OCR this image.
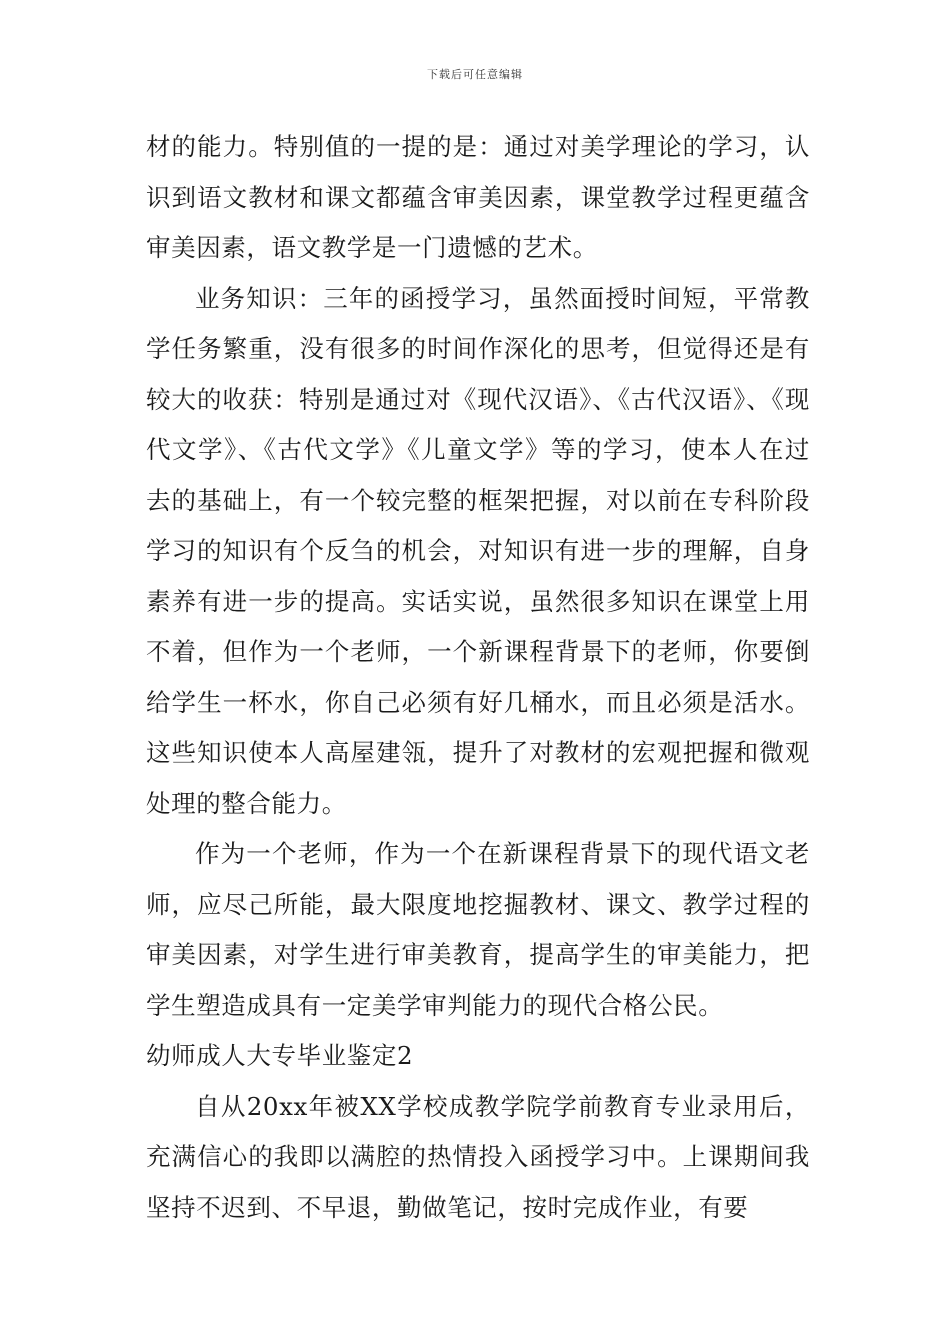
下载后可任意编辑

材的能力。特别值的一提的是：通过对美学理论的学习，认识到语文教材和课文都蕴含审美因素，课堂教学过程更蕴含审美因素，语文教学是一门遗憾的艺术。

业务知识：三年的函授学习，虽然面授时间短，平常教学任务繁重，没有很多的时间作深化的思考，但觉得还是有较大的收获：特别是通过对《现代汉语》、《古代汉语》、《现代文学》、《古代文学》《儿童文学》等的学习，使本人在过去的基础上，有一个较完整的框架把握，对以前在专科阶段学习的知识有个反刍的机会，对知识有进一步的理解，自身素养有进一步的提高。实话实说，虽然很多知识在课堂上用不着，但作为一个老师，一个新课程背景下的老师，你要倒给学生一杯水，你自己必须有好几桶水，而且必须是活水。这些知识使本人高屋建瓴，提升了对教材的宏观把握和微观处理的整合能力。

作为一个老师，作为一个在新课程背景下的现代语文老师，应尽己所能，最大限度地挖掘教材、课文、教学过程的审美因素，对学生进行审美教育，提高学生的审美能力，把学生塑造成具有一定美学审判能力的现代合格公民。

幼师成人大专毕业鉴定2

自从20xx年被XX学校成教学院学前教育专业录用后，充满信心的我即以满腔的热情投入函授学习中。上课期间我坚持不迟到、不早退，勤做笔记，按时完成作业，有要
